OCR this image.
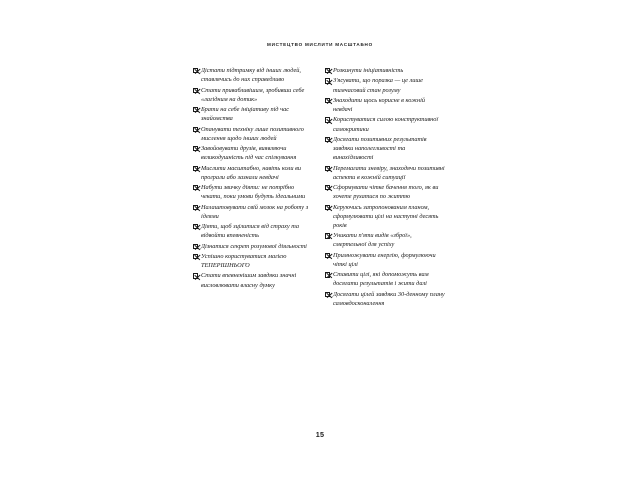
МИСТЕЦТВО МИСЛИТИ МАСШТАБНО
Дістати підтримку від інших людей, ставлячись до них справедливо
Стати привабливішим, зробивши себе «лагідним на дотик»
Брати на себе ініціативу під час знайомства
Опанувати техніку лише позитивного мислення щодо інших людей
Завойовувати друзів, виявляючи великодушність під час спілкування
Мислити масштабно, навіть коли ви програли або зазнали невдачі
Набути звичку діяти: не потрібно чекати, поки умови будуть ідеальними
Налаштовувати свій мозок на роботу з ідеями
Діяти, щоб зцілитися від страху та відвойти впевненість
Дізнатися секрет розумової діяльності
Успішно користуватися магією ТЕПЕРІШНЬОГО
Стати впевненішим завдяки значні висловлювати власну думку
Розкинути ініціативність
З'ясувати, що поразка — це лише тимчасовий стан розуму
Знаходити щось корисне в кожній невдачі
Користуватися силою конструктивної самокритики
Досягати позитивних результатів завдяки наполегливості та винахідливості
Перемагати зневіру, знаходячи позитивні аспекти в кожній ситуації
Сформувати чітке бачення того, як ви хочете рухатися по життю
Керуючись запропонованим планом, сформулювати цілі на наступні десять років
Уникати п'яти видів «зброї», смертельної для успіху
Примножувати енергію, формулюючи чіткі цілі
Ставити цілі, які допоможуть вам досягати результатів і жити далі
Досягати цілей завдяки 30-денному плану самовдосконалення
15
